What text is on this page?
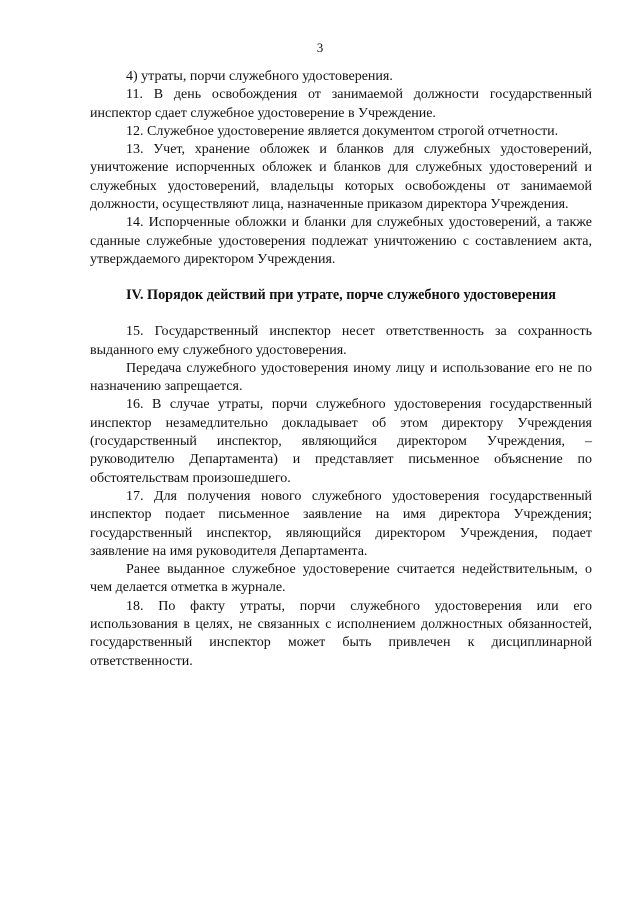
3

4) утраты, порчи служебного удостоверения.

11. В день освобождения от занимаемой должности государственный инспектор сдает служебное удостоверение в Учреждение.

12. Служебное удостоверение является документом строгой отчетности.

13. Учет, хранение обложек и бланков для служебных удостоверений, уничтожение испорченных обложек и бланков для служебных удостоверений и служебных удостоверений, владельцы которых освобождены от занимаемой должности, осуществляют лица, назначенные приказом директора Учреждения.

14. Испорченные обложки и бланки для служебных удостоверений, а также сданные служебные удостоверения подлежат уничтожению с составлением акта, утверждаемого директором Учреждения.

IV. Порядок действий при утрате, порче служебного удостоверения

15. Государственный инспектор несет ответственность за сохранность выданного ему служебного удостоверения.

Передача служебного удостоверения иному лицу и использование его не по назначению запрещается.

16. В случае утраты, порчи служебного удостоверения государственный инспектор незамедлительно докладывает об этом директору Учреждения (государственный инспектор, являющийся директором Учреждения, – руководителю Департамента) и представляет письменное объяснение по обстоятельствам произошедшего.

17. Для получения нового служебного удостоверения государственный инспектор подает письменное заявление на имя директора Учреждения; государственный инспектор, являющийся директором Учреждения, подает заявление на имя руководителя Департамента.

Ранее выданное служебное удостоверение считается недействительным, о чем делается отметка в журнале.

18. По факту утраты, порчи служебного удостоверения или его использования в целях, не связанных с исполнением должностных обязанностей, государственный инспектор может быть привлечен к дисциплинарной ответственности.
